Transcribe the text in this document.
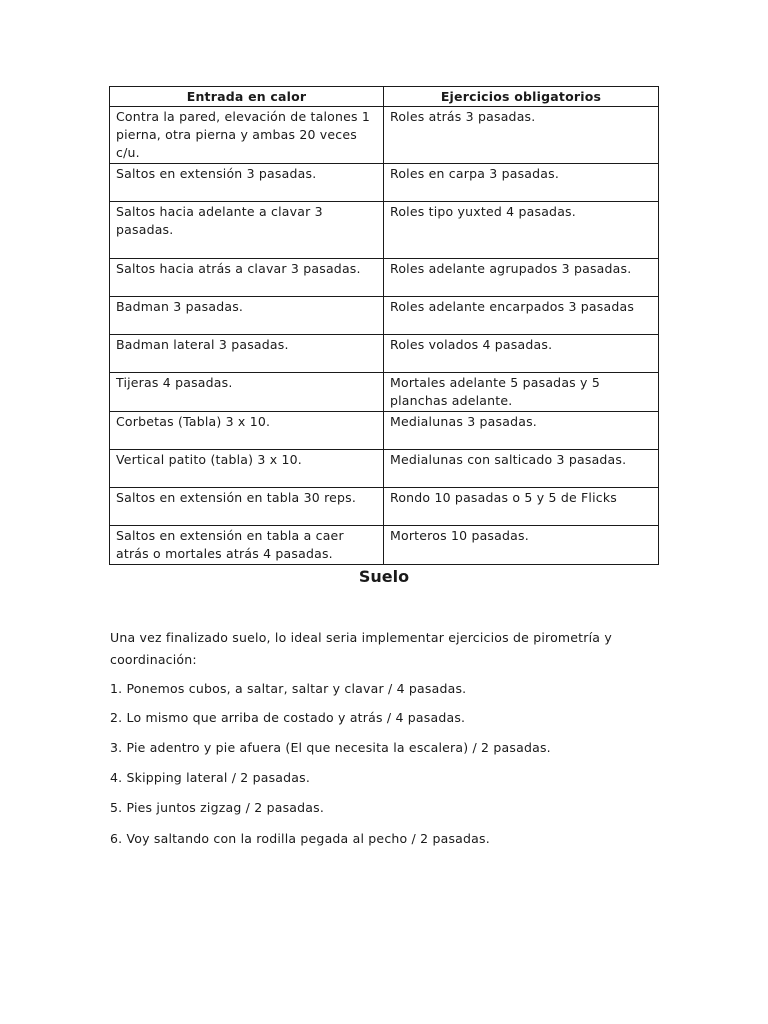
Entrada en calor	Ejercicios obligatorios
Contra la pared, elevación de talones 1 pierna, otra pierna y ambas 20 veces c/u.	Roles atrás 3 pasadas.
Saltos en extensión 3 pasadas.	Roles en carpa 3 pasadas.
Saltos hacia adelante a clavar 3 pasadas.	Roles tipo yuxted 4 pasadas.
Saltos hacia atrás a clavar 3 pasadas.	Roles adelante agrupados 3 pasadas.
Badman 3 pasadas.	Roles adelante encarpados 3 pasadas
Badman lateral 3 pasadas.	Roles volados 4 pasadas.
Tijeras 4 pasadas.	Mortales adelante 5 pasadas y 5 planchas adelante.
Corbetas (Tabla) 3 x 10.	Medialunas 3 pasadas.
Vertical patito (tabla) 3 x 10.	Medialunas con salticado 3 pasadas.
Saltos en extensión en tabla 30 reps.	Rondo 10 pasadas o 5 y 5 de Flicks
Saltos en extensión en tabla a caer atrás o mortales atrás 4 pasadas.	Morteros 10 pasadas.
Suelo
Una vez finalizado suelo, lo ideal seria implementar ejercicios de pirometría y coordinación:
1. Ponemos cubos, a saltar, saltar y clavar / 4 pasadas.
2. Lo mismo que arriba de costado y atrás / 4 pasadas.
3. Pie adentro y pie afuera (El que necesita la escalera) / 2 pasadas.
4. Skipping lateral / 2 pasadas.
5. Pies juntos zigzag / 2 pasadas.
6. Voy saltando con la rodilla pegada al pecho / 2 pasadas.
